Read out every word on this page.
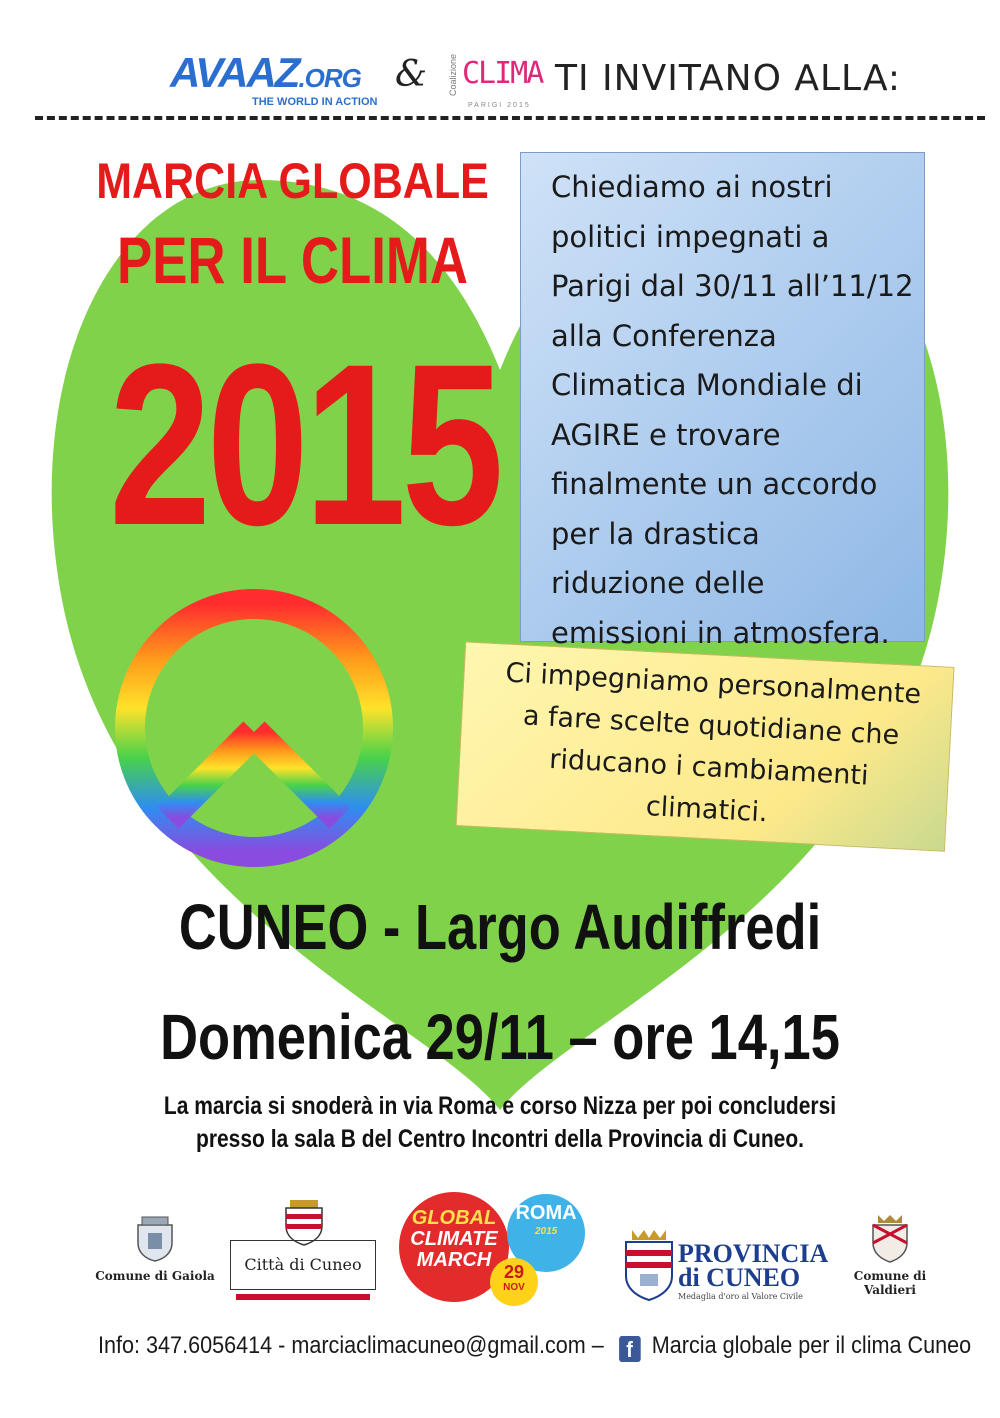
AVAAZ.ORG
THE WORLD IN ACTION
& Coalizione CLIMA
PARIGI 2015
TI INVITANO ALLA:
MARCIA GLOBALE
PER IL CLIMA
2015
Chiediamo ai nostri
politici impegnati a
Parigi dal 30/11 all’11/12
alla Conferenza
Climatica Mondiale di
AGIRE e trovare
finalmente un accordo
per la drastica
riduzione delle
emissioni in atmosfera.
Ci impegniamo personalmente
a fare scelte quotidiane che
riducano i cambiamenti
climatici.
CUNEO - Largo Audiffredi
Domenica 29/11 – ore 14,15
La marcia si snoderà in via Roma e corso Nizza per poi concludersi
presso la sala B del Centro Incontri della Provincia di Cuneo.
Comune di Gaiola
Città di Cuneo
GLOBAL
CLIMATE
MARCH
ROMA
2015
29
NOV
PROVINCIA
di CUNEO
Medaglia d'oro al Valore Civile
Comune di Valdieri
Info: 347.6056414 - marciaclimacuneo@gmail.com – f Marcia globale per il clima Cuneo
